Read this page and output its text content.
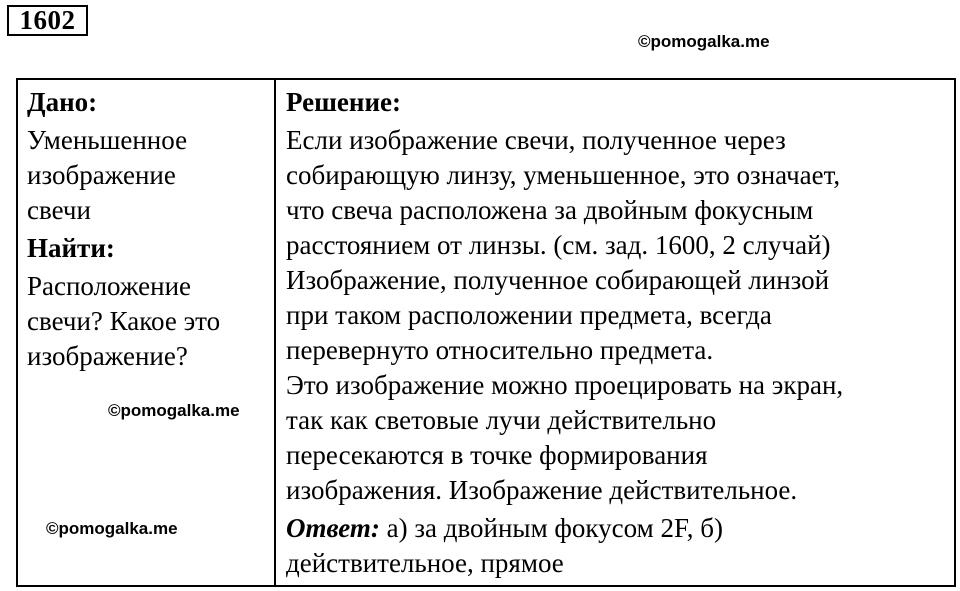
1602
©pomogalka.me
Дано:
Уменьшенное
изображение
свечи
Найти:
Расположение
свечи? Какое это
изображение?
Решение:
Если изображение свечи, полученное через
собирающую линзу, уменьшенное, это означает,
что свеча расположена за двойным фокусным
расстоянием от линзы. (см. зад. 1600, 2 случай)
Изображение, полученное собирающей линзой
при таком расположении предмета, всегда
перевернуто относительно предмета.
Это изображение можно проецировать на экран,
так как световые лучи действительно
пересекаются в точке формирования
изображения. Изображение действительное.
Ответ: а) за двойным фокусом 2F, б)
действительное, прямое
©pomogalka.me
©pomogalka.me
